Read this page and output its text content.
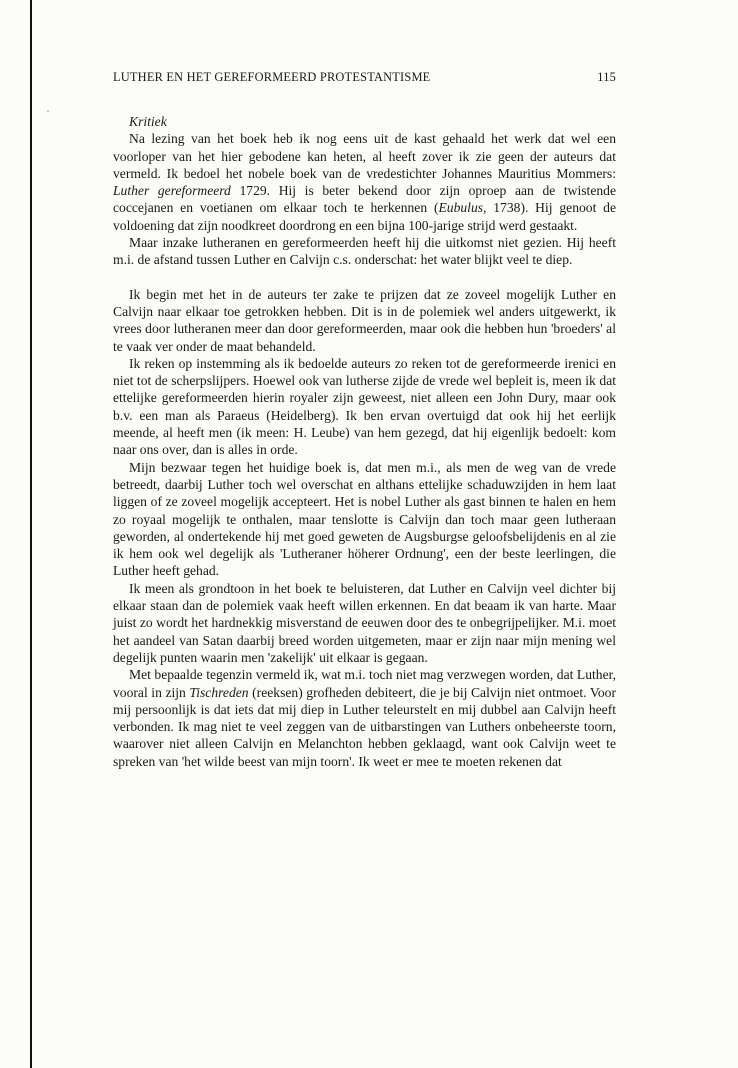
LUTHER EN HET GEREFORMEERD PROTESTANTISME	115

Kritiek

Na lezing van het boek heb ik nog eens uit de kast gehaald het werk dat wel een voorloper van het hier gebodene kan heten, al heeft zover ik zie geen der auteurs dat vermeld. Ik bedoel het nobele boek van de vredestichter Johannes Mauritius Mommers: Luther gereformeerd 1729. Hij is beter bekend door zijn oproep aan de twistende coccejanen en voetianen om elkaar toch te herkennen (Eubulus, 1738). Hij genoot de voldoening dat zijn noodkreet doordrong en een bijna 100-jarige strijd werd gestaakt.

Maar inzake lutheranen en gereformeerden heeft hij die uitkomst niet gezien. Hij heeft m.i. de afstand tussen Luther en Calvijn c.s. onderschat: het water blijkt veel te diep.

Ik begin met het in de auteurs ter zake te prijzen dat ze zoveel mogelijk Luther en Calvijn naar elkaar toe getrokken hebben. Dit is in de polemiek wel anders uitgewerkt, ik vrees door lutheranen meer dan door gereformeerden, maar ook die hebben hun 'broeders' al te vaak ver onder de maat behandeld.

Ik reken op instemming als ik bedoelde auteurs zo reken tot de gereformeerde irenici en niet tot de scherpslijpers. Hoewel ook van lutherse zijde de vrede wel bepleit is, meen ik dat ettelijke gereformeerden hierin royaler zijn geweest, niet alleen een John Dury, maar ook b.v. een man als Paraeus (Heidelberg). Ik ben ervan overtuigd dat ook hij het eerlijk meende, al heeft men (ik meen: H. Leube) van hem gezegd, dat hij eigenlijk bedoelt: kom naar ons over, dan is alles in orde.

Mijn bezwaar tegen het huidige boek is, dat men m.i., als men de weg van de vrede betreedt, daarbij Luther toch wel overschat en althans ettelijke schaduwzijden in hem laat liggen of ze zoveel mogelijk accepteert. Het is nobel Luther als gast binnen te halen en hem zo royaal mogelijk te onthalen, maar tenslotte is Calvijn dan toch maar geen lutheraan geworden, al ondertekende hij met goed geweten de Augsburgse geloofsbelijdenis en al zie ik hem ook wel degelijk als 'Lutheraner höherer Ordnung', een der beste leerlingen, die Luther heeft gehad.

Ik meen als grondtoon in het boek te beluisteren, dat Luther en Calvijn veel dichter bij elkaar staan dan de polemiek vaak heeft willen erkennen. En dat beaam ik van harte. Maar juist zo wordt het hardnekkig misverstand de eeuwen door des te onbegrijpelijker. M.i. moet het aandeel van Satan daarbij breed worden uitgemeten, maar er zijn naar mijn mening wel degelijk punten waarin men 'zakelijk' uit elkaar is gegaan.

Met bepaalde tegenzin vermeld ik, wat m.i. toch niet mag verzwegen worden, dat Luther, vooral in zijn Tischreden (reeksen) grofheden debiteert, die je bij Calvijn niet ontmoet. Voor mij persoonlijk is dat iets dat mij diep in Luther teleurstelt en mij dubbel aan Calvijn heeft verbonden. Ik mag niet te veel zeggen van de uitbarstingen van Luthers onbeheerste toorn, waarover niet alleen Calvijn en Melanchton hebben geklaagd, want ook Calvijn weet te spreken van 'het wilde beest van mijn toorn'. Ik weet er mee te moeten rekenen dat
